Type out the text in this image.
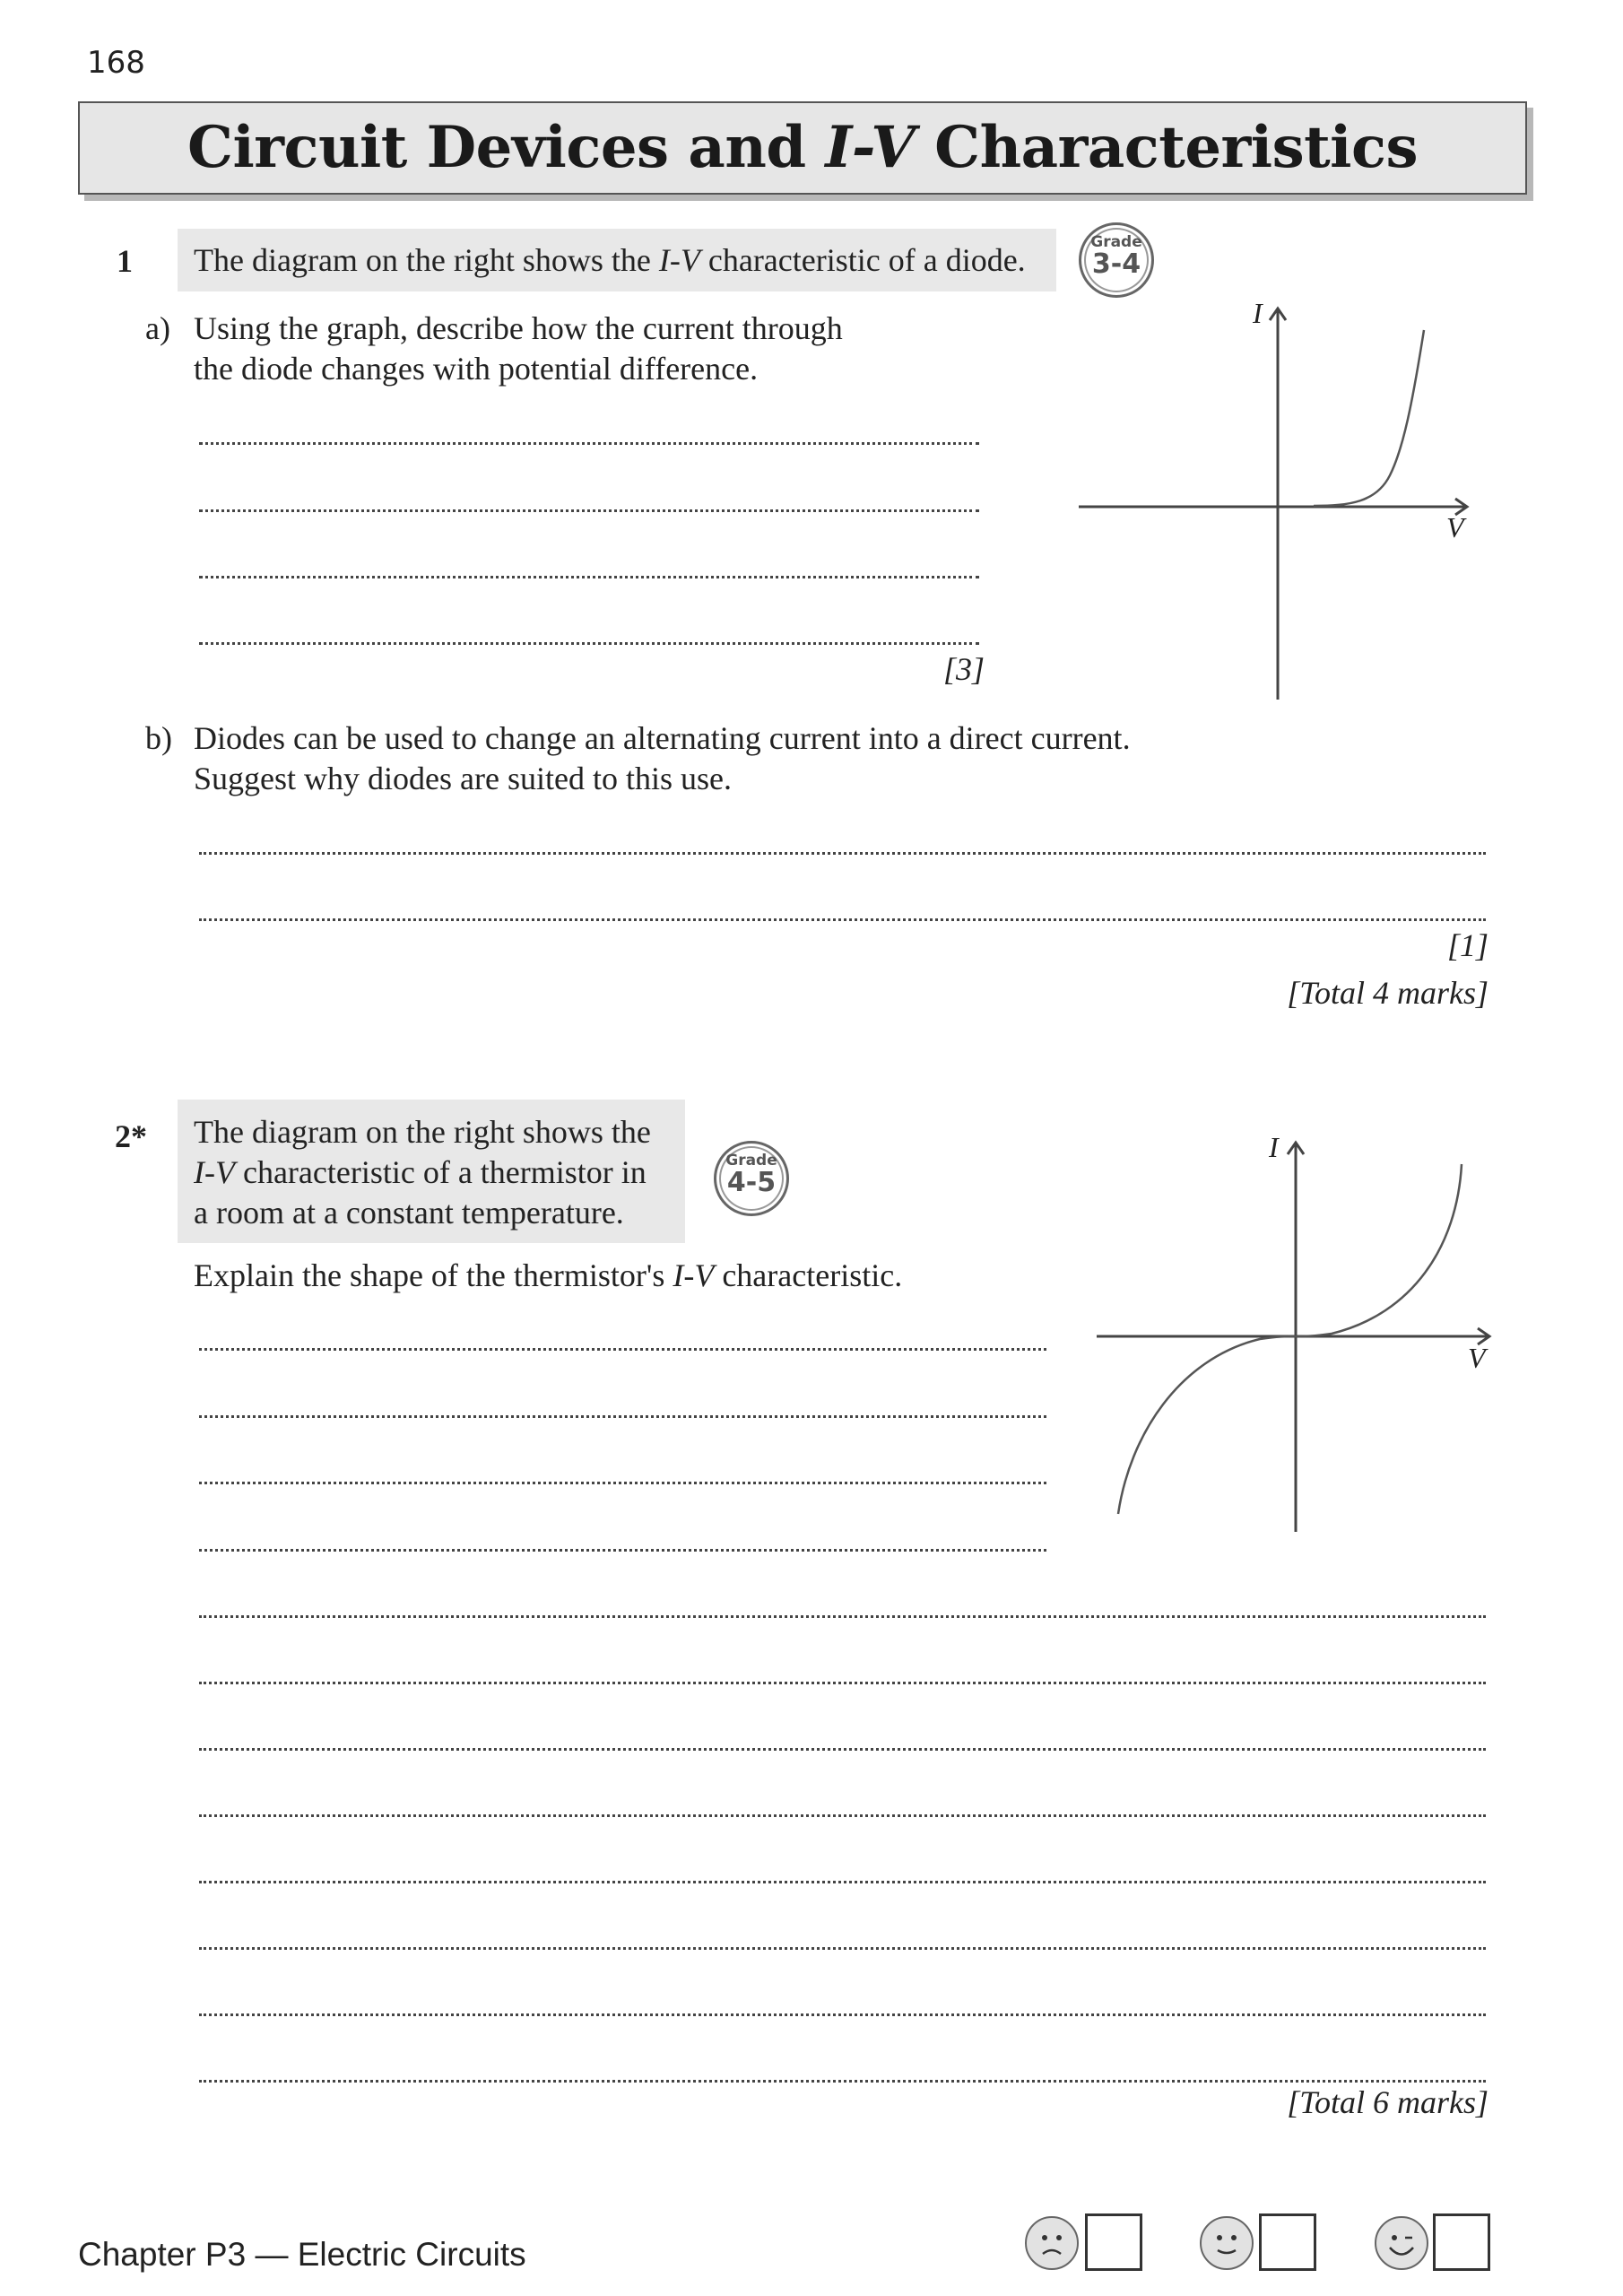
168
Circuit Devices and I-V Characteristics
1	The diagram on the right shows the I-V characteristic of a diode.	Grade
3-4
a) Using the graph, describe how the current through
the diode changes with potential difference.
[3]
I
V
b) Diodes can be used to change an alternating current into a direct current.
Suggest why diodes are suited to this use.
[1]
[Total 4 marks]
2* The diagram on the right shows the
I-V characteristic of a thermistor in
a room at a constant temperature.
Grade
4-5
Explain the shape of the thermistor's I-V characteristic.
[Total 6 marks]
I
V
Chapter P3 — Electric Circuits
